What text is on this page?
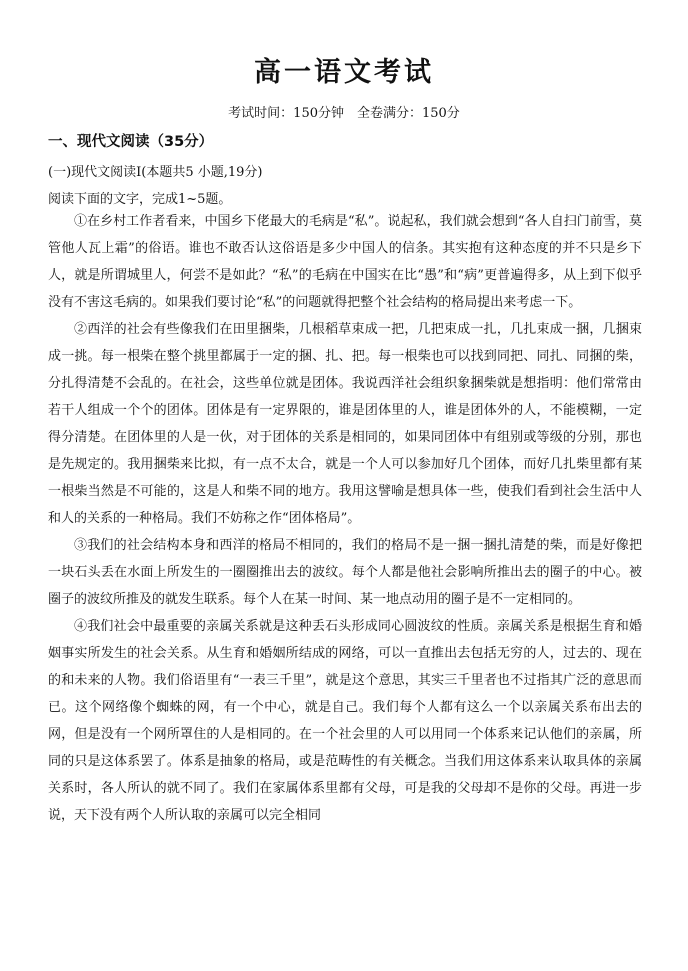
高一语文考试

考试时间：150分钟　全卷满分：150分

一、现代文阅读（35分）

(一)现代文阅读Ⅰ(本题共5 小题,19分)

阅读下面的文字，完成1~5题。

①在乡村工作者看来，中国乡下佬最大的毛病是“私”。说起私，我们就会想到“各人自扫门前雪，莫管他人瓦上霜”的俗语。谁也不敢否认这俗语是多少中国人的信条。其实抱有这种态度的并不只是乡下人，就是所谓城里人，何尝不是如此？“私”的毛病在中国实在比“愚”和“病”更普遍得多，从上到下似乎没有不害这毛病的。如果我们要讨论“私”的问题就得把整个社会结构的格局提出来考虑一下。

②西洋的社会有些像我们在田里捆柴，几根稻草束成一把，几把束成一扎，几扎束成一捆，几捆束成一挑。每一根柴在整个挑里都属于一定的捆、扎、把。每一根柴也可以找到同把、同扎、同捆的柴，分扎得清楚不会乱的。在社会，这些单位就是团体。我说西洋社会组织象捆柴就是想指明：他们常常由若干人组成一个个的团体。团体是有一定界限的，谁是团体里的人，谁是团体外的人，不能模糊，一定得分清楚。在团体里的人是一伙，对于团体的关系是相同的，如果同团体中有组别或等级的分别，那也是先规定的。我用捆柴来比拟，有一点不太合，就是一个人可以参加好几个团体，而好几扎柴里都有某一根柴当然是不可能的，这是人和柴不同的地方。我用这譬喻是想具体一些，使我们看到社会生活中人和人的关系的一种格局。我们不妨称之作“团体格局”。

③我们的社会结构本身和西洋的格局不相同的，我们的格局不是一捆一捆扎清楚的柴，而是好像把一块石头丢在水面上所发生的一圈圈推出去的波纹。每个人都是他社会影响所推出去的圈子的中心。被圈子的波纹所推及的就发生联系。每个人在某一时间、某一地点动用的圈子是不一定相同的。

④我们社会中最重要的亲属关系就是这种丢石头形成同心圆波纹的性质。亲属关系是根据生育和婚姻事实所发生的社会关系。从生育和婚姻所结成的网络，可以一直推出去包括无穷的人，过去的、现在的和未来的人物。我们俗语里有“一表三千里”，就是这个意思，其实三千里者也不过指其广泛的意思而已。这个网络像个蜘蛛的网，有一个中心，就是自己。我们每个人都有这么一个以亲属关系布出去的网，但是没有一个网所罩住的人是相同的。在一个社会里的人可以用同一个体系来记认他们的亲属，所同的只是这体系罢了。体系是抽象的格局，或是范畴性的有关概念。当我们用这体系来认取具体的亲属关系时，各人所认的就不同了。我们在家属体系里都有父母，可是我的父母却不是你的父母。再进一步说，天下没有两个人所认取的亲属可以完全相同
